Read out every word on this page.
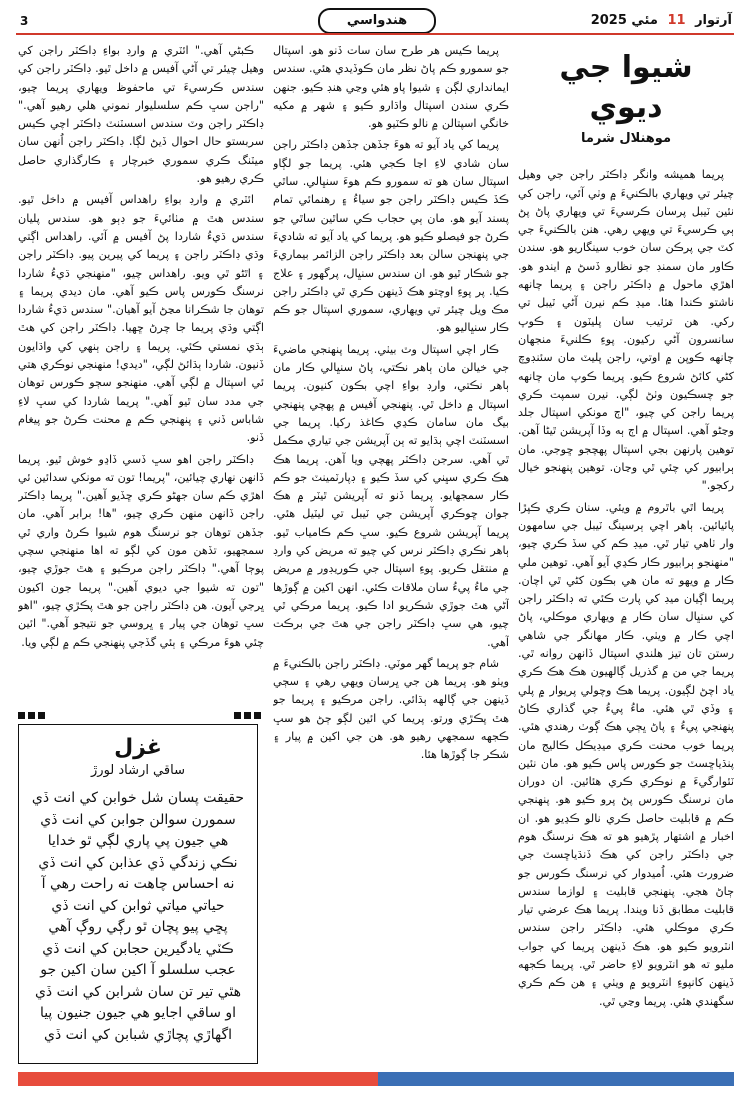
3	هندواسي	آرتوار 11 مئي 2025
شيوا جي ديوي
موهنلال شرما

پريما هميشه وانگر ڊاڪٽر راجن جي وهيل چيئر تي ويهاري بالڪنيءَ ۾ وٺي آئي، راجن کي نئين ٽيبل پرسان ڪرسيءَ تي ويهاري پاڻ پڻ ٻي ڪرسيءَ تي ويهي رهي. هنن بالڪنيءَ جي کٽ جي پرڪن سان خوب سينگاريو هو. سندن ڪاور مان سمنڊ جو نظارو ڏسڻ ۾ ايندو هو. اهڙي ماحول ۾ ڊاڪٽر راجن ۽ پريما چانهه ناشتو ڪندا هئا. ميڊ ڪم نيرن آڻي ٽيبل تي رکي. هن ترتيب سان پليٽون ۽ ڪوپ سانسرون آڻي رکيون. پوءِ ڪلنيءَ منجهان چانهه ڪوپن ۾ اوتي، راجن پليٽ مان سئنڊوچ کڻي کائڻ شروع ڪيو. پريما ڪوپ مان چانهه جو چسڪيون وٺڻ لڳي. نيرن سمپت ڪري پريما راجن کي چيو، "اڄ مونکي اسپتال جلد وڃڻو آهي. اسپتال ۾ اڄ ٻه وڏا آپريشن ٿيڻا آهن. توهين پارنهن بجي اسپتال پهچجو ڇوجي. مان ٻرابيور کي چئي ٿي وڃان. توهين پنهنجو خيال رکجو."

پريما اٿي باٿروم ۾ ويئي. سنان ڪري ڪپڙا پائيائين. ٻاهر اچي ٻرسينگ ٽيبل جي سامهون وار ٺاهي تيار ٿي. ميڊ ڪم کي سڏ ڪري چيو، "منهنجو ٻرابيور ڪار ڪڍي آيو آهي. توهين ملي ڪار ۾ ويهو ته مان هي بڪون کڻي ٿي اچان. پريما اڳيان ميڊ کي پارت ڪئي ته ڊاڪٽر راجن کي سنڀال سان ڪار ۾ ويهاري موڪلي، پاڻ اچي ڪار ۾ ويٺي. ڪار مهانگر جي شاهي رستن تان تيز هلندي اسپتال ڏانهن روانه ٿي. پريما جي من ۾ گذريل ڳالهيون هڪ هڪ ڪري ياد اچڻ لڳيون. پريما هڪ وچولي پريوار ۾ پلي ۽ وڏي ٿي هئي. ماءُ پيءُ جي گذاري ڪاڻ پنهنجي پيءُ ۽ پاڻ ڀڄي هڪ ڳوٺ رهندي هئي. پريما خوب محنت ڪري ميڊيڪل ڪاليج مان پنڌياڇسٽ جو ڪورس پاس ڪيو هو. مان نئين ٽئوارگيءَ ۾ نوڪري ڪري هئائين. ان دوران مان نرسنگ ڪورس پڻ پرو ڪيو هو. پنهنجي ڪم ۾ قابليت حاصل ڪري نالو ڪڍيو هو. ان اخبار ۾ اشتهار پڙهيو هو ته هڪ نرسنگ هوم جي ڊاڪٽر راجن کي هڪ ڏنڌياڇسٽ جي ضرورت هئي. اُميدوار کي نرسنگ ڪورس جو ڄاڻ هجي. پنهنجي قابليت ۽ لوازما سندس قابليت مطابق ڏنا ويندا. پريما هڪ عرضي تيار ڪري موڪلي هئي. ڊاڪٽر راجن سندس انٽرويو ڪيو هو. هڪ ڏينهن پريما کي جواب مليو ته هو انٽرويو لاءِ حاضر ٿي. پريما ڪجهه ڏينهن کانپوءِ انٽرويو ۾ ويٺي ۽ هن ڪم ڪري سگهندي هئي. پريما وڃي ٿي.

پريما ڪيس هر طرح سان سات ڏنو هو. اسپتال جو سمورو ڪم پاڻ نظر مان ڪوڏيدي هئي. سندس ايمانداري لڳن ۽ شيوا پاو هئي وڃي هنڊ ڪيو. جنهن ڪري سندن اسپتال واڌارو ڪيو ۽ شهر ۾ مکيه خانگي اسپتالن ۾ نالو ڪٽيو هو.

پريما کي ياد آيو ته هوءَ جڏهن جڏهن ڊاڪٽر راجن سان شادي لاءِ اڃا ڪجي هئي. پريما جو لڳاو اسپتال سان هو ته سمورو ڪم هوءَ سنڀالي. ساٿي ڪڏ ڪيس ڊاڪٽر راجن جو سياءُ ۽ رهنمائي تمام پسند آيو هو. مان ٻي حجاب ڪي ساٿين ساٿي جو ڪرڻ جو فيصلو ڪيو هو. پريما کي ياد آيو ته شاديءَ جي پنهنجن سالن بعد ڊاڪٽر راجن الزائمر بيماريءَ جو شڪار ٿيو هو. ان سندس سنڀال، پرگھور ۽ علاج ڪيا. پر پوءِ اوچتو هڪ ڏينهن ڪري ٿي ڊاڪٽر راجن مڪ ويل چيئر تي ويهاري، سموري اسپتال جو ڪم ڪار سنڀاليو هو.

ڪار اچي اسپتال وٽ بيٺي. پريما پنهنجي ماضيءَ جي خيالن مان ٻاهر نڪتي، پاڻ سنڀالي ڪار مان ٻاهر نڪتي، وارڊ بواءِ اچي بڪون کنيون. پريما اسپتال ۾ داخل ٿي. پنهنجي آفيس ۾ پهچي پنهنجي بيگ مان سامان ڪڍي ڪاغذ رکيا. پريما جي اسسٽنٽ اچي ٻڌايو ته ٻن آپريشن جي تياري مڪمل ٿي آهي. سرجن ڊاڪٽر پهچي ويا آهن. پريما هڪ هڪ ڪري سڀني کي سڏ ڪيو ۽ ڊپارٽمينٽ جو ڪم ڪار سمجهايو. پريما ڏنو ته آپريشن ٿيٽر ۾ هڪ جوان ڇوڪري آپريشن جي ٽيبل تي ليٽيل هئي. پريما آپريشن شروع ڪيو. سڀ ڪم ڪامياب ٿيو. ٻاهر نڪري ڊاڪٽر نرس کي چيو ته مريض کي وارڊ ۾ منتقل ڪريو. پوءِ اسپتال جي ڪوريڊور ۾ مريض جي ماءُ پيءُ سان ملاقات ڪئي. انهن اکين ۾ ڳوڙها آڻي هٿ جوڙي شڪريو ادا ڪيو. پريما مرڪي ٿي چيو، هي سڀ ڊاڪٽر راجن جي هٿ جي برڪت آهي.

شام جو پريما گهر موٽي. ڊاڪٽر راجن بالڪنيءَ ۾ ويٺو هو. پريما هن جي ڀرسان ويهي رهي ۽ سڄي ڏينهن جي ڳالهه ٻڌائي. راجن مرڪيو ۽ پريما جو هٿ پڪڙي ورتو. پريما کي ائين لڳو ڄڻ هو سڀ ڪجهه سمجهي رهيو هو. هن جي اکين ۾ پيار ۽ شڪر جا ڳوڙها هئا.

ڪبڻي آهي." ائٽري ۾ وارڊ بواءِ ڊاڪٽر راجن کي وهيل چيئر تي آڻي آفيس ۾ داخل ٿيو. ڊاڪٽر راجن کي سندس ڪرسيءَ تي ماحفوظ ويهاري پريما چيو، "راجن سڀ ڪم سلسليوار نموني هلي رهيو آهي." ڊاڪٽر راجن وٽ سندس اسسٽنٽ ڊاڪٽر اچي ڪيس سربستو حال احوال ڏيڻ لڳا. ڊاڪٽر راجن اُنهن سان ميٽنگ ڪري سموري خبرچار ۽ ڪارگذاري حاصل ڪري رهيو هو.

ائٽري ۾ وارڊ بواءِ راهداس آفيس ۾ داخل ٿيو. سندس هٿ ۾ مٺائيءَ جو ڊٻو هو. سندس پليان سندس ڌيءُ شاردا پڻ آفيس ۾ آئي. راهداس اڳتي وڌي ڊاڪٽر راجن ۽ پريما کي پيرين پيو. ڊاڪٽر راجن ۽ اٿڻو ٿي ويو. راهداس چيو، "منهنجي ڌيءُ شاردا نرسنگ ڪورس پاس ڪيو آهي. مان ديدي پريما ۽ توهان جا شڪرانا مڃڻ آيو آهيان." سندس ڌيءُ شاردا اڳتي وڌي پريما جا چرڻ ڇهيا. ڊاڪٽر راجن کي هٿ ٻڌي نمستي ڪئي. پريما ۽ راجن ٻنهي کي واڌايون ڏنيون. شاردا ٻڌائڻ لڳي، "ديدي! منهنجي نوڪري هتي ئي اسپتال ۾ لڳي آهي. منهنجو سڄو ڪورس توهان جي مدد سان ٿيو آهي." پريما شاردا کي سڀ لاءِ شاباس ڏني ۽ پنهنجي ڪم ۾ محنت ڪرڻ جو پيغام ڏنو.

ڊاڪٽر راجن اهو سڀ ڏسي ڏاڍو خوش ٿيو. پريما ڏانهن نهاري چيائين، "پريما! تون ته مونکي سدائين ئي اهڙي ڪم سان جهڻو ڪري ڇڏيو آهين." پريما ڊاڪٽر راجن ڏانهن منهن ڪري چيو، "ها! برابر آهي. مان جڏهن توهان جو نرسنگ هوم شيوا ڪرڻ واري ٿي سمجهيو، تڏهن مون کي لڳو ته اها منهنجي سچي پوڄا آهي." ڊاڪٽر راجن مرڪيو ۽ هٿ جوڙي چيو، "تون ته شيوا جي ديوي آهين." پريما جون اکيون ڀرجي آيون. هن ڊاڪٽر راجن جو هٿ پڪڙي چيو، "اهو سڀ توهان جي پيار ۽ ڀروسي جو نتيجو آهي." ائين چئي هوءَ مرڪي ۽ ٻئي گڏجي پنهنجي ڪم ۾ لڳي ويا.

غزل
ساقي ارشاد لورڙ
حقيقت پسان شل خوابن کي انت ڏي
سمورن سوالن جوابن کي انت ڏي
هي جيون پي پاري لڳي ٿو خدايا
نڪي زندگي ڏي عذابن کي انت ڏي
نه احساس چاهت نه راحت رهي آ
حياتي مياتي ثوابن کي انت ڏي
پڇي پيو پچان ٿو رڳي روڳ آهي
ڪٽي يادگيرين حجابن کي انت ڏي
عجب سلسلو آ اکين سان اکين جو
هٿي تير تن سان شرابن کي انت ڏي
او ساقي اجايو هي جيون جنيون پيا
اگهاڙي پچاڙي شبابن کي انت ڏي
